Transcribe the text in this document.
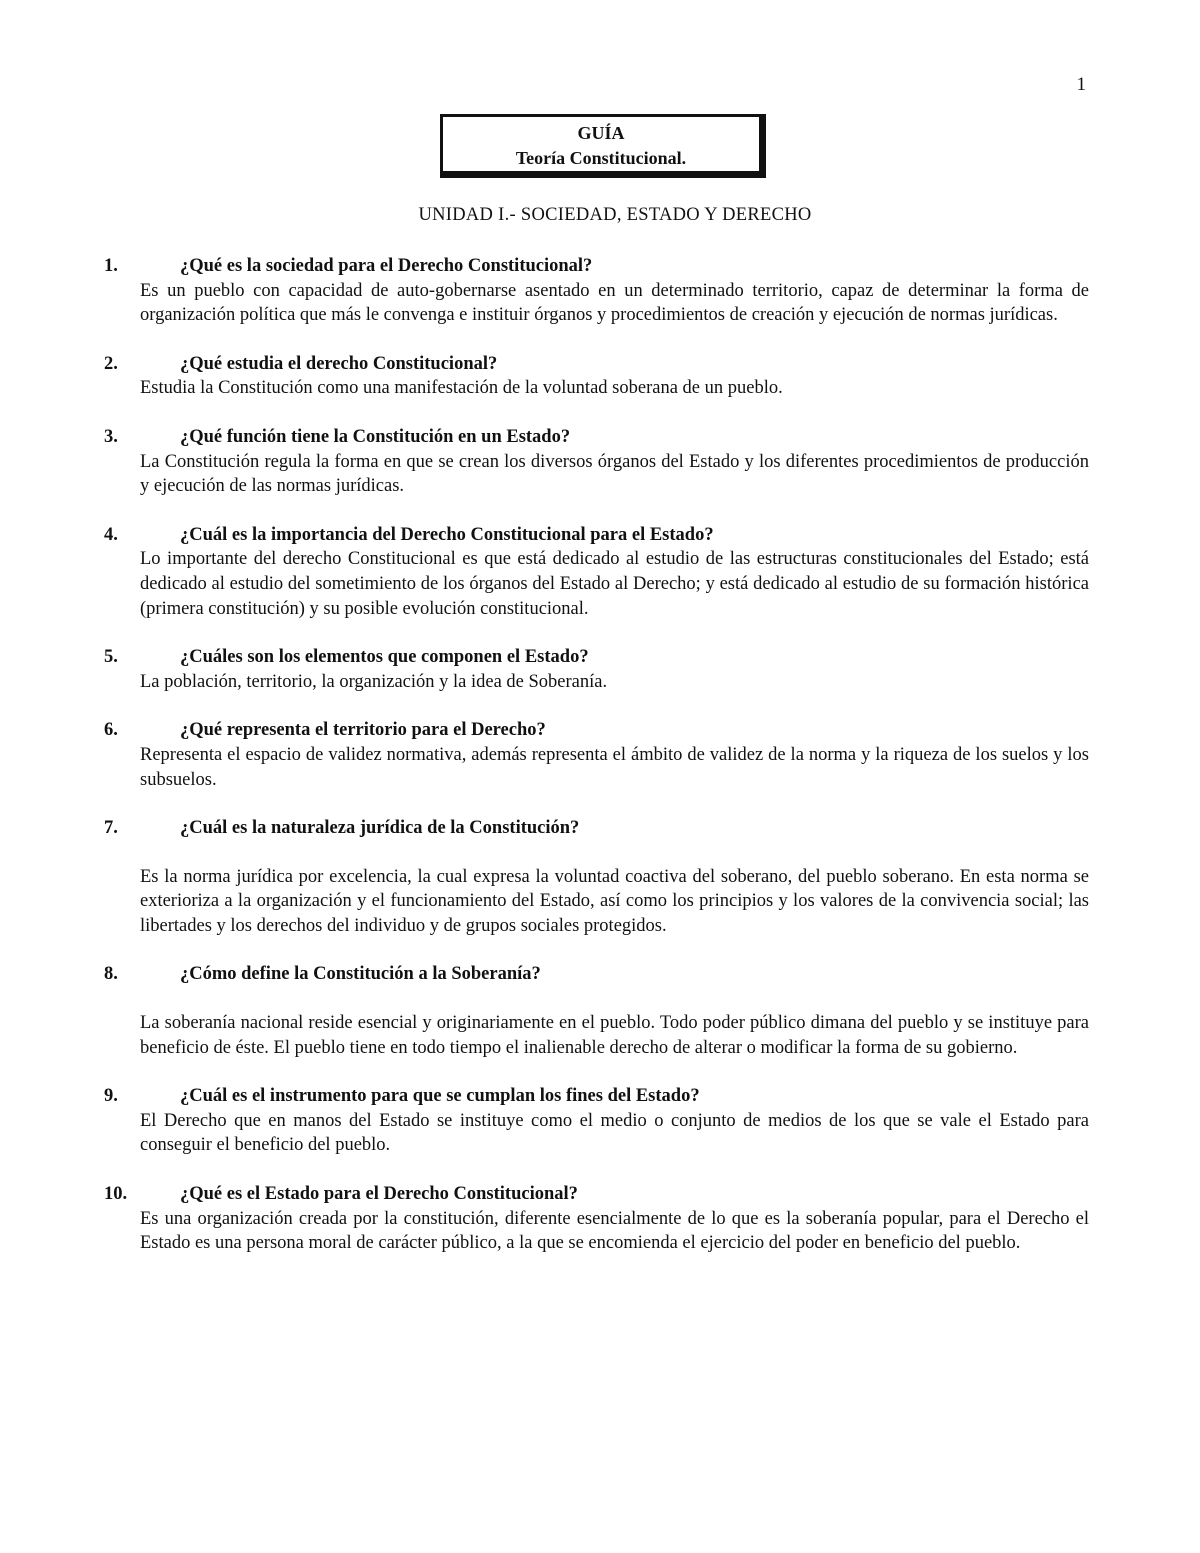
1
GUÍA
Teoría Constitucional.
UNIDAD I.- SOCIEDAD, ESTADO Y DERECHO
1.	¿Qué es la sociedad para el Derecho Constitucional?

Es un pueblo con capacidad de auto-gobernarse asentado en un determinado territorio, capaz de determinar la forma de organización política que más le convenga e instituir órganos y procedimientos de creación y ejecución de normas jurídicas.

2.	¿Qué estudia el derecho Constitucional?

Estudia la Constitución como una manifestación de la voluntad soberana de un pueblo.

3.	¿Qué función tiene la Constitución en un Estado?

La Constitución regula la forma en que se crean los diversos órganos del Estado y los diferentes procedimientos de producción y ejecución de las normas jurídicas.

4.	¿Cuál es la importancia del Derecho Constitucional para el Estado?

Lo importante del derecho Constitucional es que está dedicado al estudio de las estructuras constitucionales del Estado; está dedicado al estudio del sometimiento de los órganos del Estado al Derecho; y está dedicado al estudio de su formación histórica (primera constitución) y su posible evolución constitucional.

5.	¿Cuáles son los elementos que componen el Estado?

La población, territorio, la organización y la idea de Soberanía.

6.	¿Qué representa el territorio para el Derecho?

Representa el espacio de validez normativa, además representa el ámbito de validez de la norma y la riqueza de los suelos y los subsuelos.

7.	¿Cuál es la naturaleza jurídica de la Constitución?

Es la norma jurídica por excelencia, la cual expresa la voluntad coactiva del soberano, del pueblo soberano. En esta norma se exterioriza a la organización y el funcionamiento del Estado, así como los principios y los valores de la convivencia social; las libertades y los derechos del individuo y de grupos sociales protegidos.

8.	¿Cómo define la Constitución a la Soberanía?

La soberanía nacional reside esencial y originariamente en el pueblo. Todo poder público dimana del pueblo y se instituye para beneficio de éste. El pueblo tiene en todo tiempo el inalienable derecho de alterar o modificar la forma de su gobierno.

9.	¿Cuál es el instrumento para que se cumplan los fines del Estado?

El Derecho que en manos del Estado se instituye como el medio o conjunto de medios de los que se vale el Estado para conseguir el beneficio del pueblo.

10.	¿Qué es el Estado para el Derecho Constitucional?

Es una organización creada por la constitución, diferente esencialmente de lo que es la soberanía popular, para el Derecho el Estado es una persona moral de carácter público, a la que se encomienda el ejercicio del poder en beneficio del pueblo.
